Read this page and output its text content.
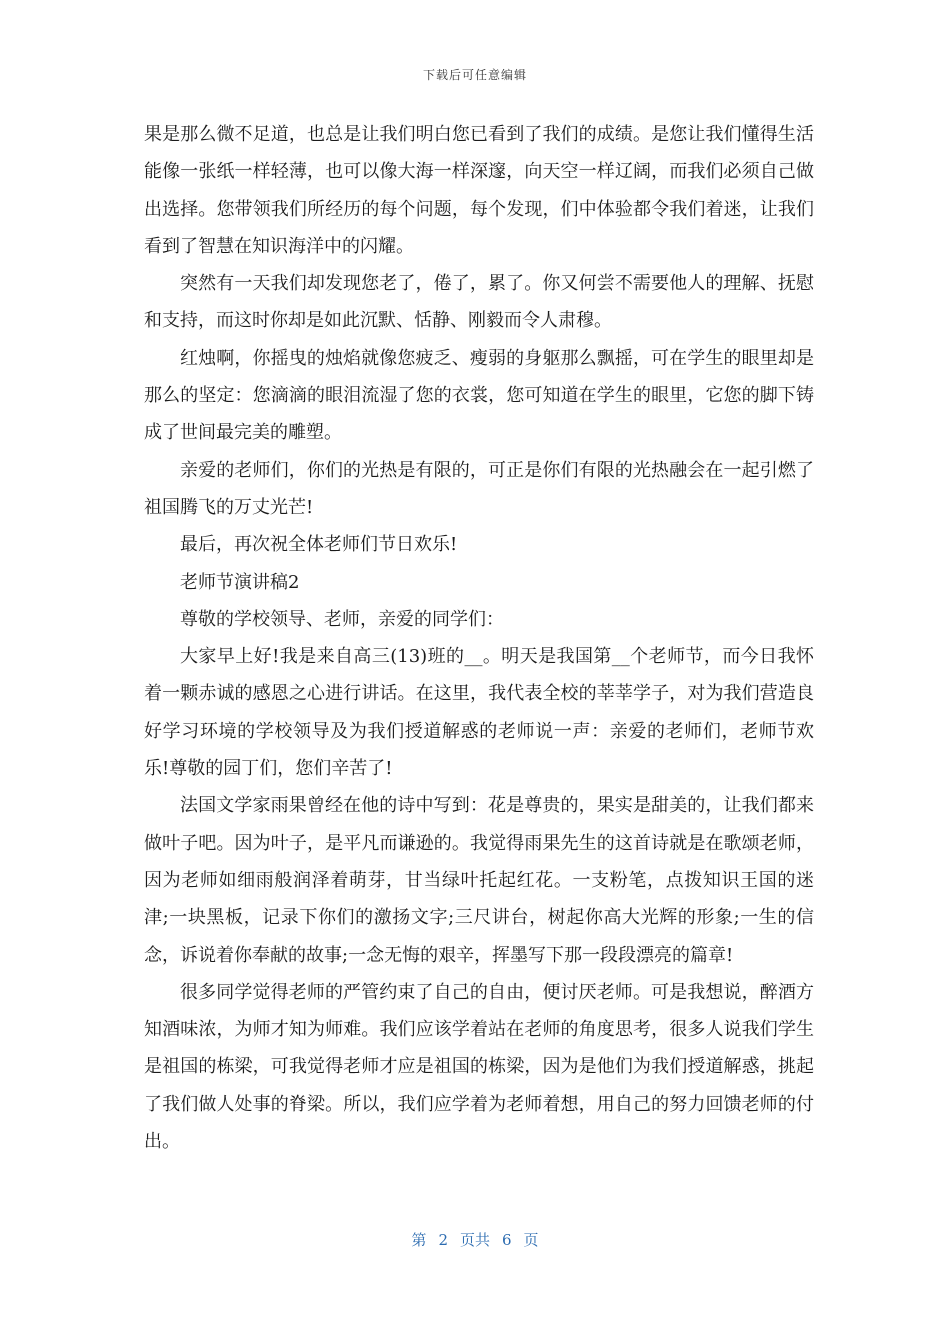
下载后可任意编辑

果是那么微不足道，也总是让我们明白您已看到了我们的成绩。是您让我们懂得生活能像一张纸一样轻薄，也可以像大海一样深邃，向天空一样辽阔，而我们必须自己做出选择。您带领我们所经历的每个问题，每个发现，们中体验都令我们着迷，让我们看到了智慧在知识海洋中的闪耀。

突然有一天我们却发现您老了，倦了，累了。你又何尝不需要他人的理解、抚慰和支持，而这时你却是如此沉默、恬静、刚毅而令人肃穆。

红烛啊，你摇曳的烛焰就像您疲乏、瘦弱的身躯那么飘摇，可在学生的眼里却是那么的坚定：您滴滴的眼泪流湿了您的衣裳，您可知道在学生的眼里，它您的脚下铸成了世间最完美的雕塑。

亲爱的老师们，你们的光热是有限的，可正是你们有限的光热融会在一起引燃了祖国腾飞的万丈光芒!

最后，再次祝全体老师们节日欢乐!

老师节演讲稿2

尊敬的学校领导、老师，亲爱的同学们：

大家早上好!我是来自高三(13)班的__。明天是我国第__个老师节，而今日我怀着一颗赤诚的感恩之心进行讲话。在这里，我代表全校的莘莘学子，对为我们营造良好学习环境的学校领导及为我们授道解惑的老师说一声：亲爱的老师们，老师节欢乐!尊敬的园丁们，您们辛苦了!

法国文学家雨果曾经在他的诗中写到：花是尊贵的，果实是甜美的，让我们都来做叶子吧。因为叶子，是平凡而谦逊的。我觉得雨果先生的这首诗就是在歌颂老师，因为老师如细雨般润泽着萌芽，甘当绿叶托起红花。一支粉笔，点拨知识王国的迷津;一块黑板，记录下你们的激扬文字;三尺讲台，树起你高大光辉的形象;一生的信念，诉说着你奉献的故事;一念无悔的艰辛，挥墨写下那一段段漂亮的篇章!

很多同学觉得老师的严管约束了自己的自由，便讨厌老师。可是我想说，醉酒方知酒味浓，为师才知为师难。我们应该学着站在老师的角度思考，很多人说我们学生是祖国的栋梁，可我觉得老师才应是祖国的栋梁，因为是他们为我们授道解惑，挑起了我们做人处事的脊梁。所以，我们应学着为老师着想，用自己的努力回馈老师的付出。

第 2 页共 6 页
